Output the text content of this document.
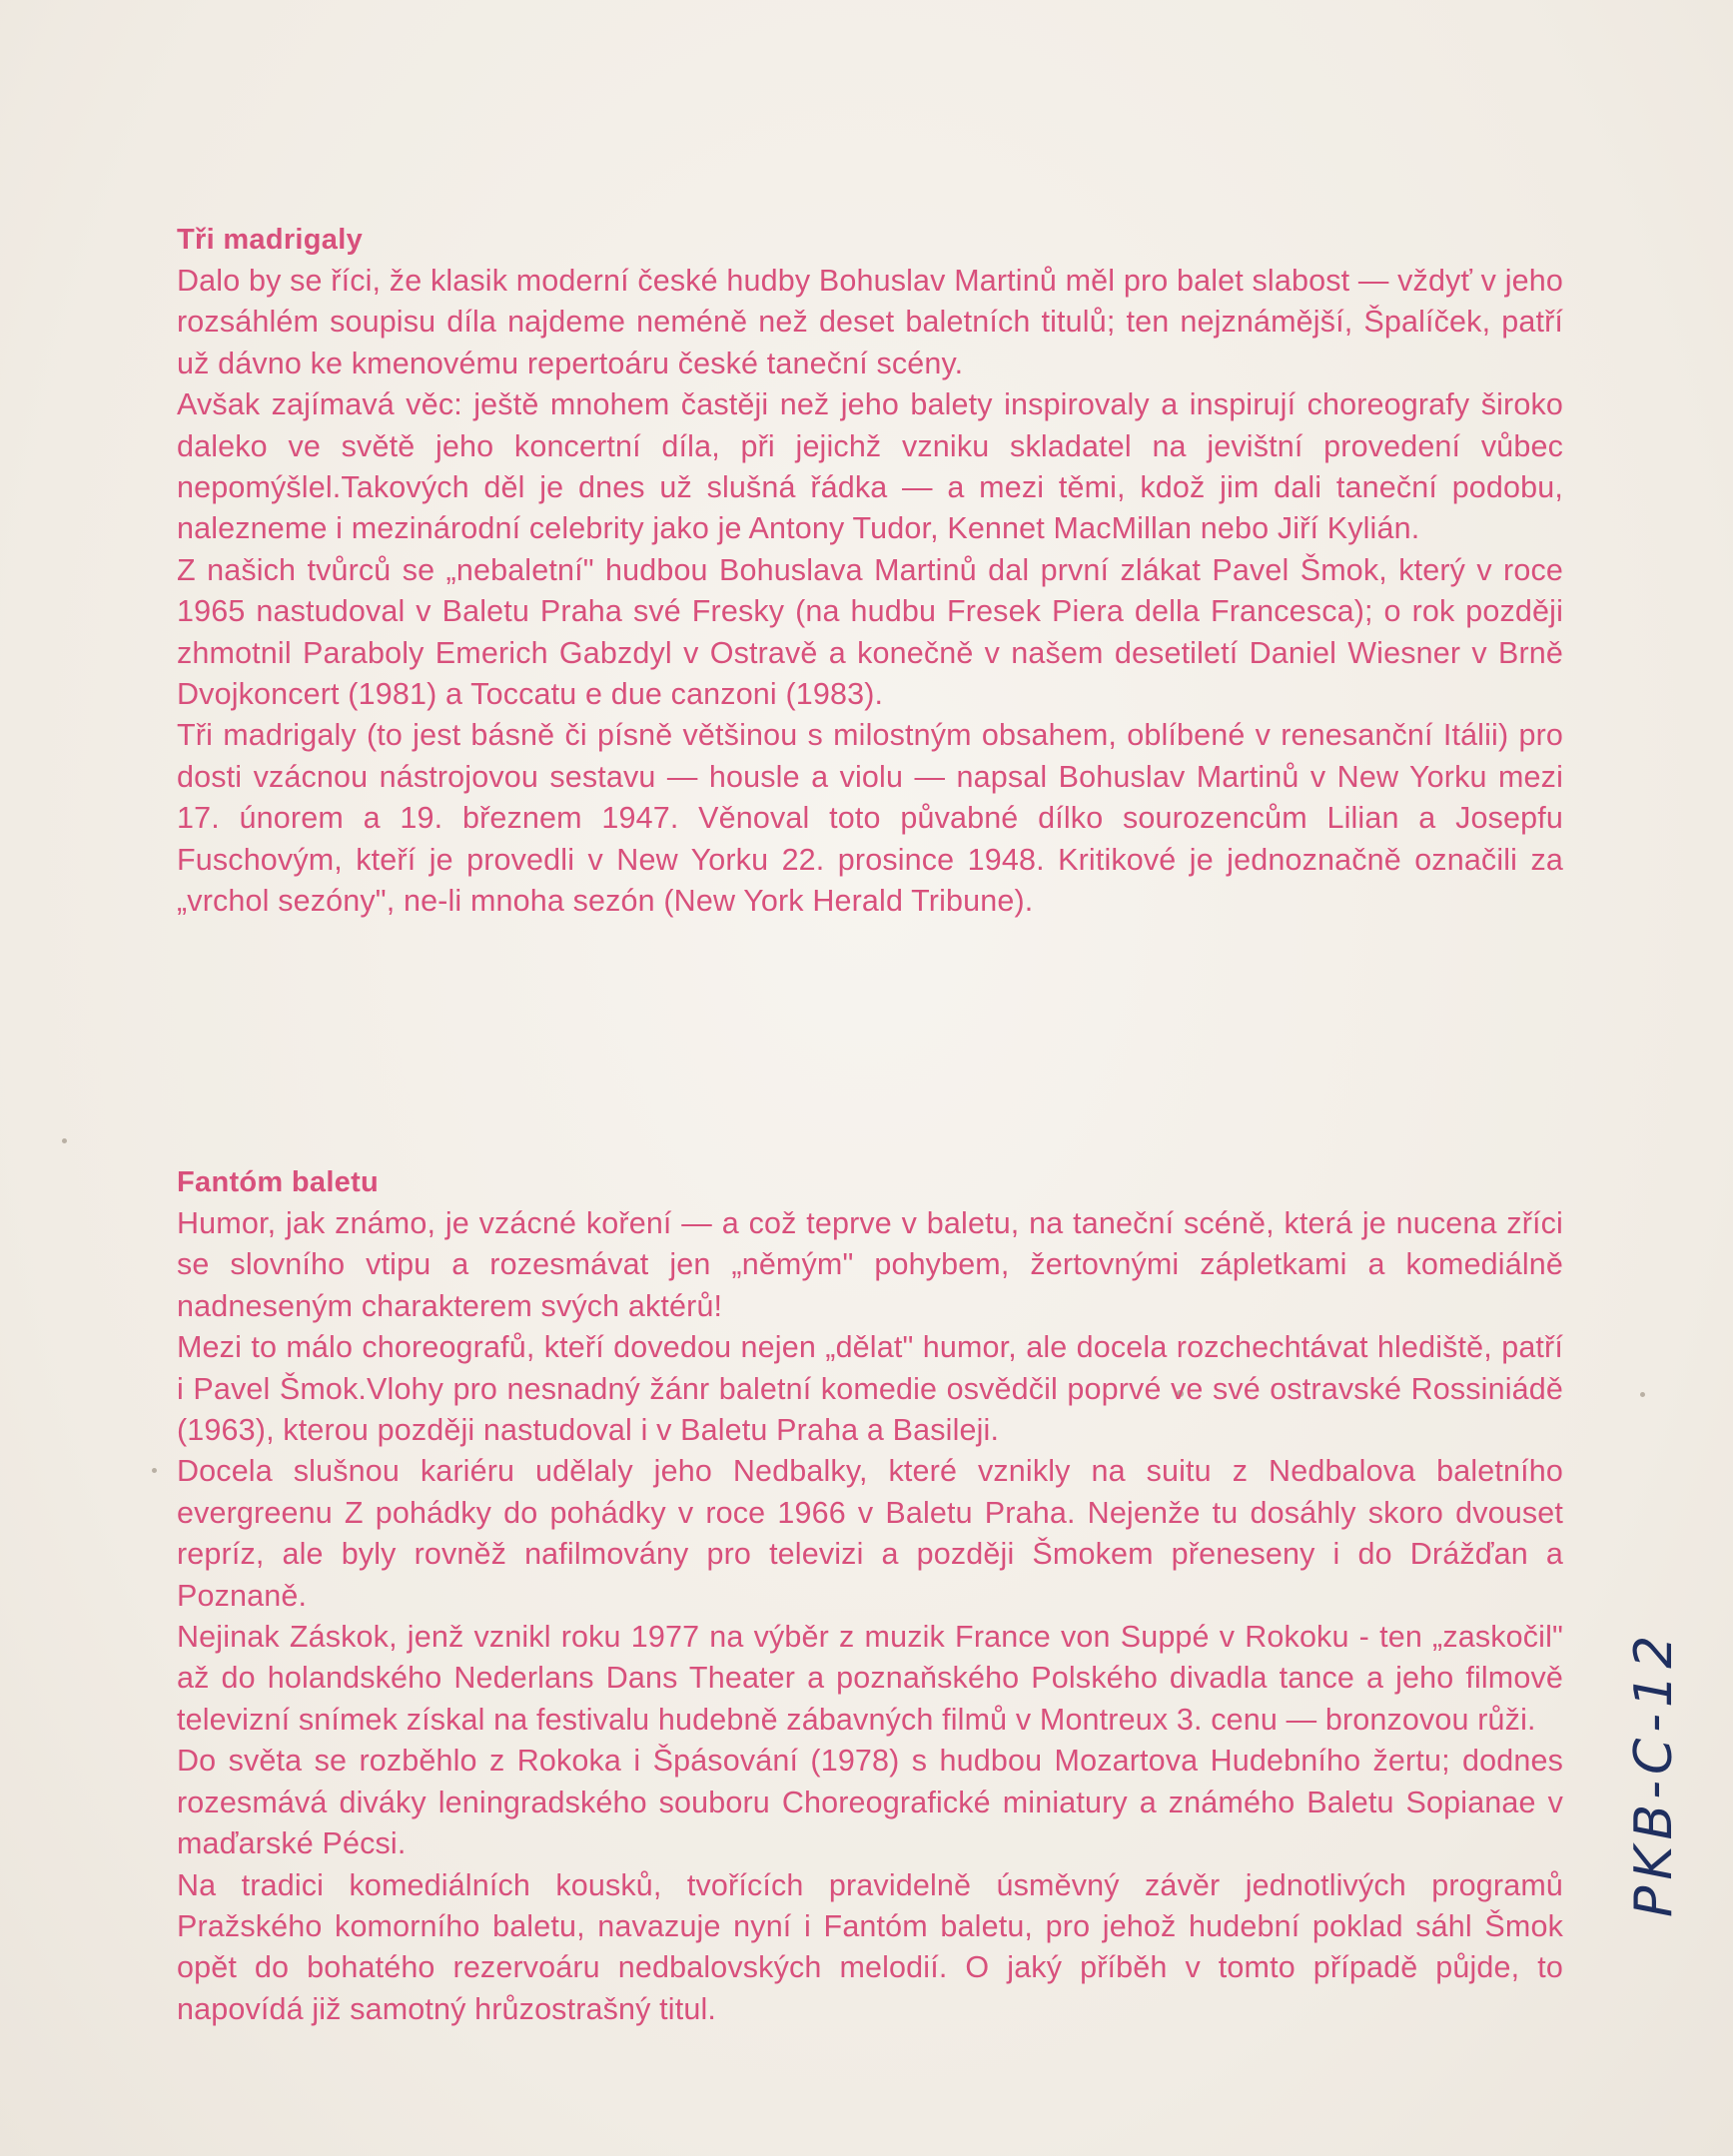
Tři madrigaly

Dalo by se říci, že klasik moderní české hudby Bohuslav Martinů měl pro balet slabost — vždyť v jeho rozsáhlém soupisu díla najdeme neméně než deset baletních titulů; ten nejznámější, Špalíček, patří už dávno ke kmenovému repertoáru české taneční scény.

Avšak zajímavá věc: ještě mnohem častěji než jeho balety inspirovaly a inspirují choreografy široko daleko ve světě jeho koncertní díla, při jejichž vzniku skladatel na jevištní provedení vůbec nepomýšlel.Takových děl je dnes už slušná řádka — a mezi těmi, kdož jim dali taneční podobu, nalezneme i mezinárodní celebrity jako je Antony Tudor, Kennet MacMillan nebo Jiří Kylián.

Z našich tvůrců se „nebaletní" hudbou Bohuslava Martinů dal první zlákat Pavel Šmok, který v roce 1965 nastudoval v Baletu Praha své Fresky (na hudbu Fresek Piera della Francesca); o rok později zhmotnil Paraboly Emerich Gabzdyl v Ostravě a konečně v našem desetiletí Daniel Wiesner v Brně Dvojkoncert (1981) a Toccatu e due canzoni (1983).

Tři madrigaly (to jest básně či písně většinou s milostným obsahem, oblíbené v renesanční Itálii) pro dosti vzácnou nástrojovou sestavu — housle a violu — napsal Bohuslav Martinů v New Yorku mezi 17. únorem a 19. březnem 1947. Věnoval toto půvabné dílko sourozencům Lilian a Josepfu Fuschovým, kteří je provedli v New Yorku 22. prosince 1948. Kritikové je jednoznačně označili za „vrchol sezóny", ne-li mnoha sezón (New York Herald Tribune).

Fantóm baletu

Humor, jak známo, je vzácné koření — a což teprve v baletu, na taneční scéně, která je nucena zříci se slovního vtipu a rozesmávat jen „němým" pohybem, žertovnými zápletkami a komediálně nadneseným charakterem svých aktérů!

Mezi to málo choreografů, kteří dovedou nejen „dělat" humor, ale docela rozchechtávat hlediště, patří i Pavel Šmok.Vlohy pro nesnadný žánr baletní komedie osvědčil poprvé ve své ostravské Rossiniádě (1963), kterou později nastudoval i v Baletu Praha a Basileji.

Docela slušnou kariéru udělaly jeho Nedbalky, které vznikly na suitu z Nedbalova baletního evergreenu Z pohádky do pohádky v roce 1966 v Baletu Praha. Nejenže tu dosáhly skoro dvouset repríz, ale byly rovněž nafilmovány pro televizi a později Šmokem přeneseny i do Drážďan a Poznaně.

Nejinak Záskok, jenž vznikl roku 1977 na výběr z muzik France von Suppé v Rokoku - ten „zaskočil" až do holandského Nederlans Dans Theater a poznaňského Polského divadla tance a jeho filmově televizní snímek získal na festivalu hudebně zábavných filmů v Montreux 3. cenu — bronzovou růži.

Do světa se rozběhlo z Rokoka i Špásování (1978) s hudbou Mozartova Hudebního žertu; dodnes rozesmává diváky leningradského souboru Choreografické miniatury a známého Baletu Sopianae v maďarské Pécsi.

Na tradici komediálních kousků, tvořících pravidelně úsměvný závěr jednotlivých programů Pražského komorního baletu, navazuje nyní i Fantóm baletu, pro jehož hudební poklad sáhl Šmok opět do bohatého rezervoáru nedbalovských melodií. O jaký příběh v tomto případě půjde, to napovídá již samotný hrůzostrašný titul.

PKB-C-12
